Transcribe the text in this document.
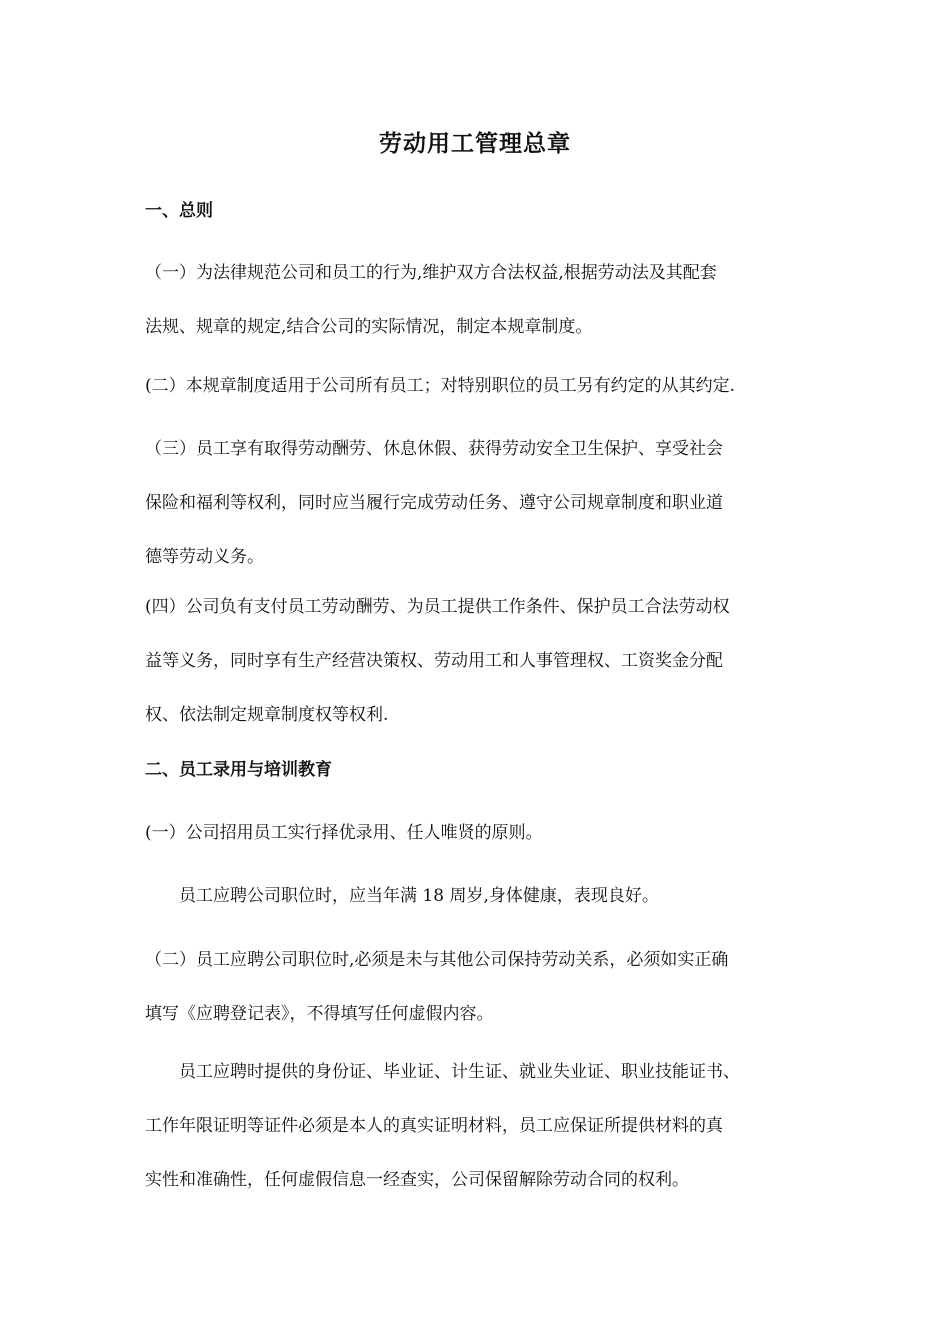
劳动用工管理总章
一、总则
（一）为法律规范公司和员工的行为,维护双方合法权益,根据劳动法及其配套
法规、规章的规定,结合公司的实际情况，制定本规章制度。
(二）本规章制度适用于公司所有员工；对特别职位的员工另有约定的从其约定.
（三）员工享有取得劳动酬劳、休息休假、获得劳动安全卫生保护、享受社会
保险和福利等权利，同时应当履行完成劳动任务、遵守公司规章制度和职业道
德等劳动义务。
(四）公司负有支付员工劳动酬劳、为员工提供工作条件、保护员工合法劳动权
益等义务，同时享有生产经营决策权、劳动用工和人事管理权、工资奖金分配
权、依法制定规章制度权等权利.
二、员工录用与培训教育
(一）公司招用员工实行择优录用、任人唯贤的原则。
员工应聘公司职位时，应当年满 18 周岁,身体健康，表现良好。
（二）员工应聘公司职位时,必须是未与其他公司保持劳动关系，必须如实正确
填写《应聘登记表》，不得填写任何虚假内容。
员工应聘时提供的身份证、毕业证、计生证、就业失业证、职业技能证书、
工作年限证明等证件必须是本人的真实证明材料，员工应保证所提供材料的真
实性和准确性，任何虚假信息一经查实，公司保留解除劳动合同的权利。
